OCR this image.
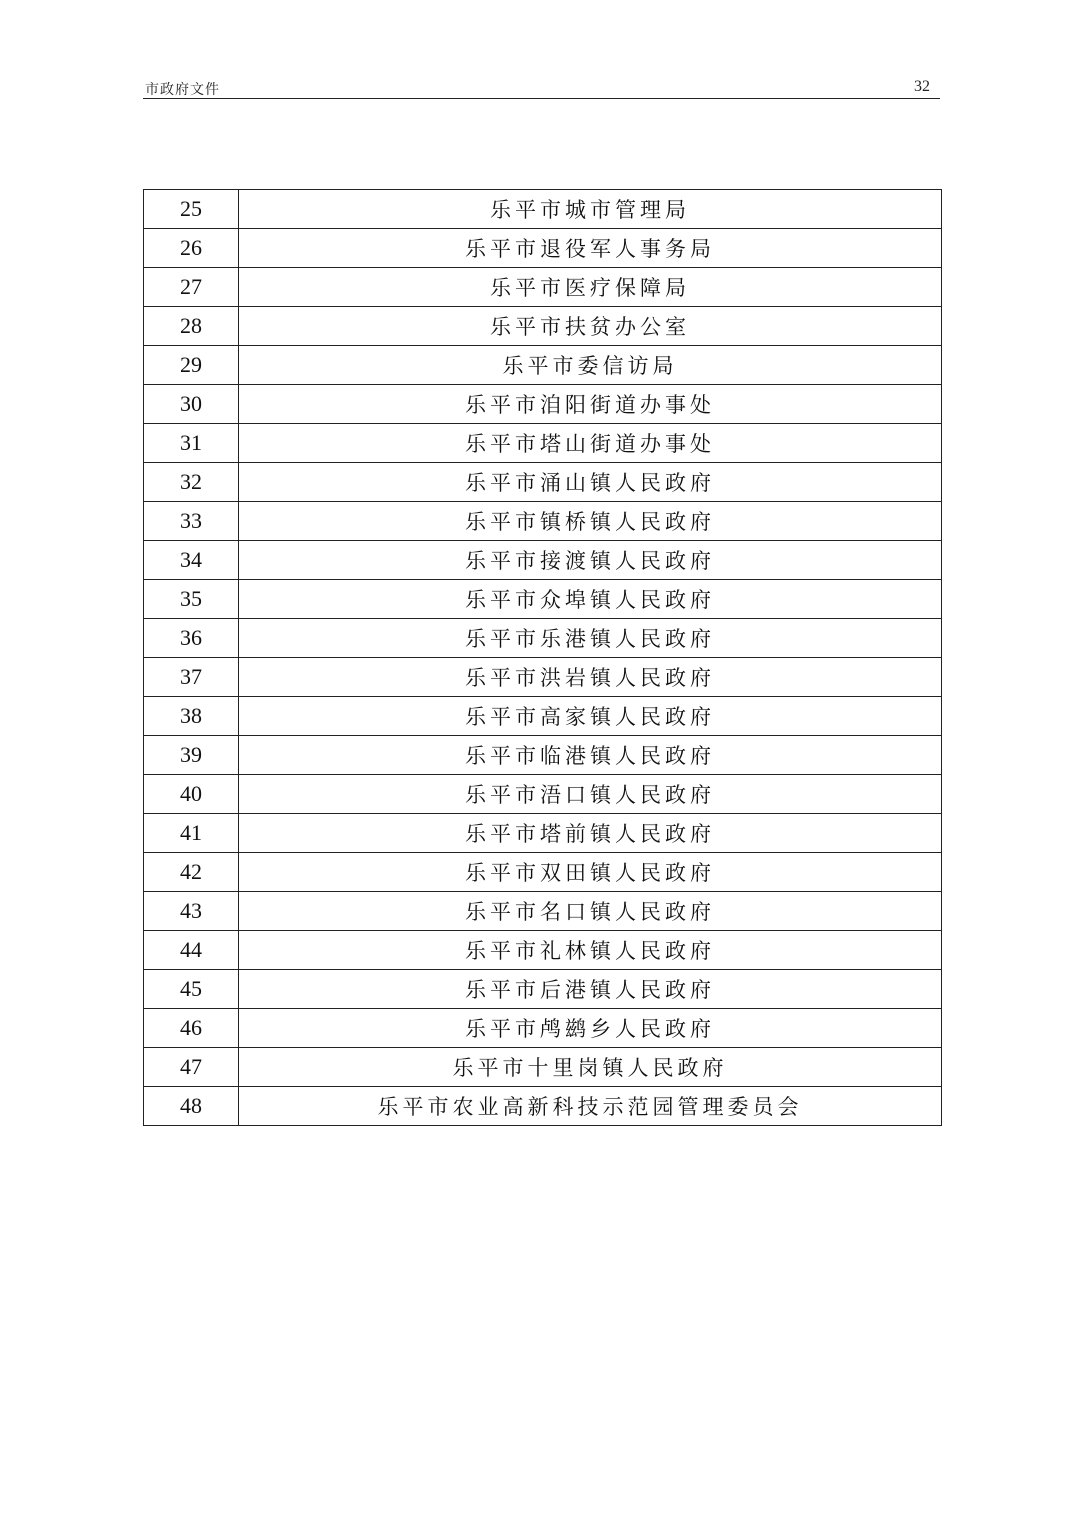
市政府文件	32
25	乐平市城市管理局
26	乐平市退役军人事务局
27	乐平市医疗保障局
28	乐平市扶贫办公室
29	乐平市委信访局
30	乐平市洎阳街道办事处
31	乐平市塔山街道办事处
32	乐平市涌山镇人民政府
33	乐平市镇桥镇人民政府
34	乐平市接渡镇人民政府
35	乐平市众埠镇人民政府
36	乐平市乐港镇人民政府
37	乐平市洪岩镇人民政府
38	乐平市高家镇人民政府
39	乐平市临港镇人民政府
40	乐平市浯口镇人民政府
41	乐平市塔前镇人民政府
42	乐平市双田镇人民政府
43	乐平市名口镇人民政府
44	乐平市礼林镇人民政府
45	乐平市后港镇人民政府
46	乐平市鸬鹚乡人民政府
47	乐平市十里岗镇人民政府
48	乐平市农业高新科技示范园管理委员会
